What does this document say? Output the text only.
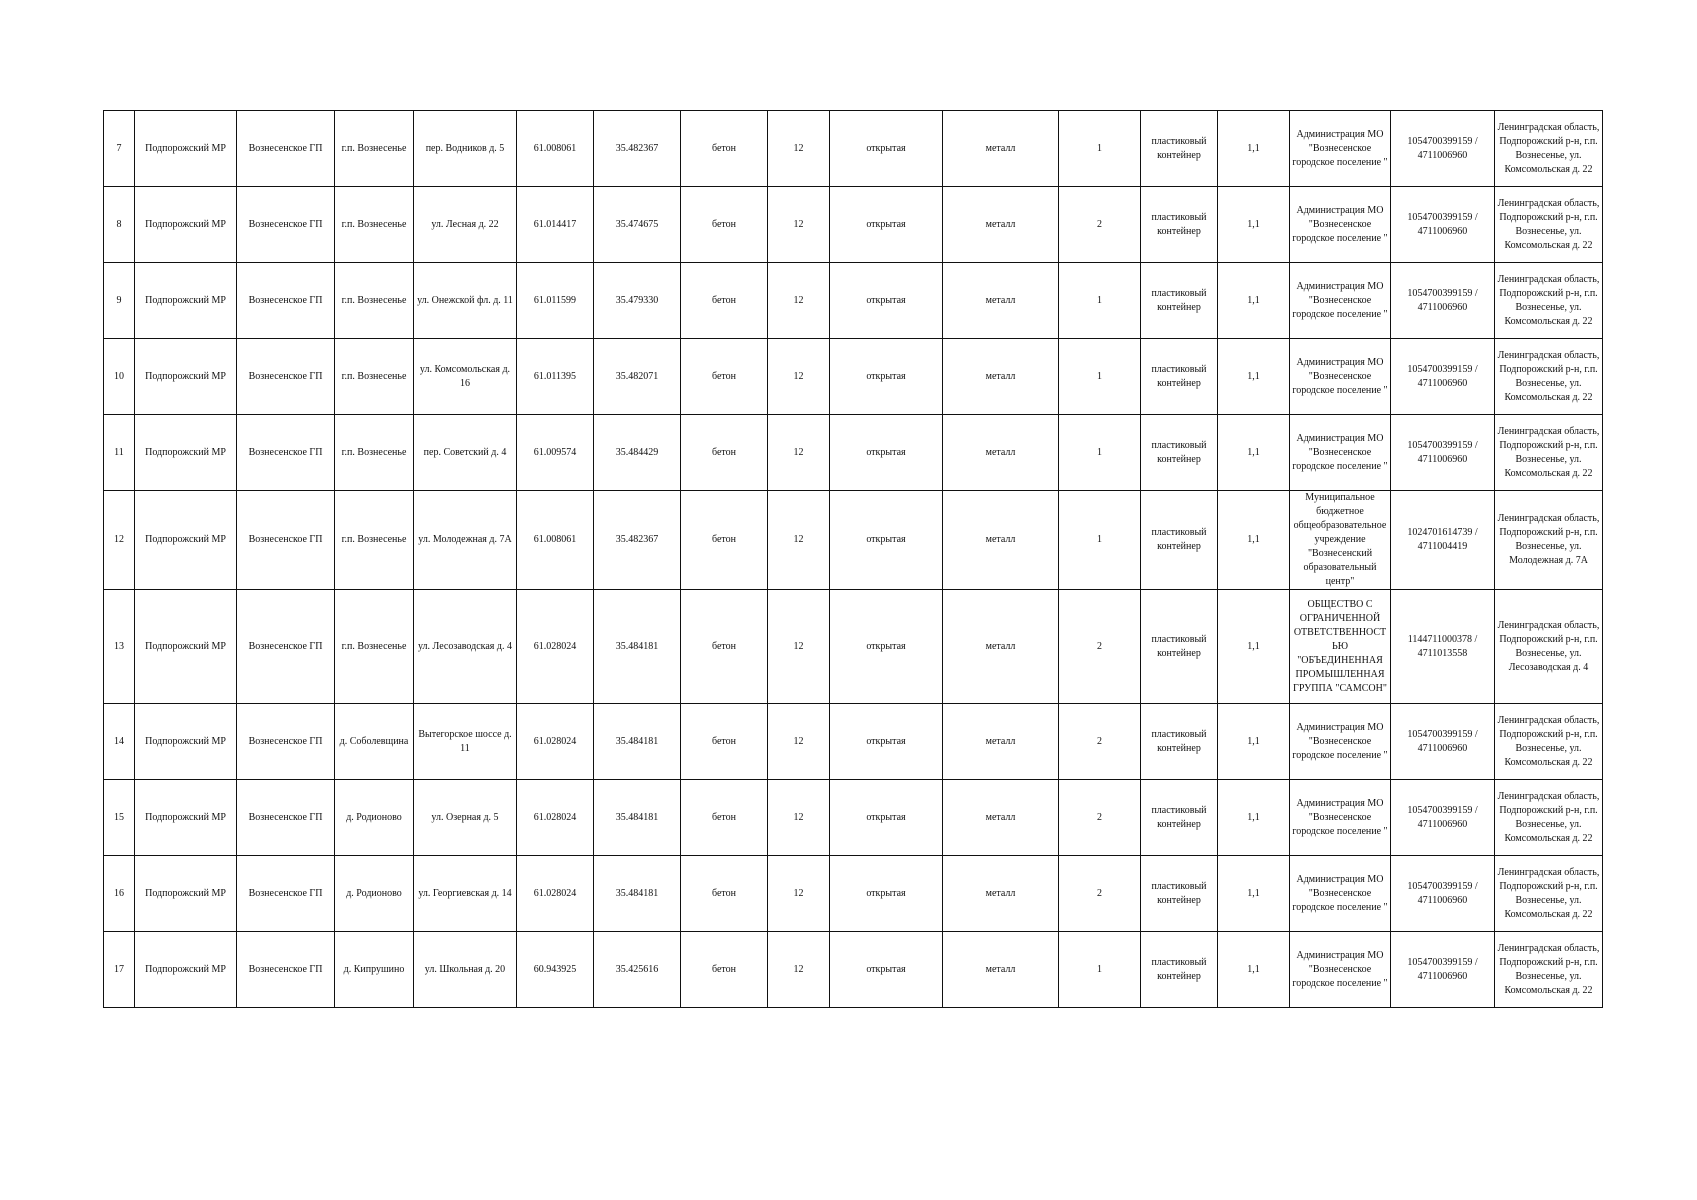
7	Подпорожский МР	Вознесенское ГП	г.п. Вознесенье	пер. Водников д. 5	61.008061	35.482367	бетон	12	открытая	металл	1	пластиковый контейнер	1,1	Администрация МО "Вознесенское городское поселение "	1054700399159 / 4711006960	Ленинградская область, Подпорожский р-н, г.п. Вознесенье, ул. Комсомольская д. 22
8	Подпорожский МР	Вознесенское ГП	г.п. Вознесенье	ул. Лесная д. 22	61.014417	35.474675	бетон	12	открытая	металл	2	пластиковый контейнер	1,1	Администрация МО "Вознесенское городское поселение "	1054700399159 / 4711006960	Ленинградская область, Подпорожский р-н, г.п. Вознесенье, ул. Комсомольская д. 22
9	Подпорожский МР	Вознесенское ГП	г.п. Вознесенье	ул. Онежской фл. д. 11	61.011599	35.479330	бетон	12	открытая	металл	1	пластиковый контейнер	1,1	Администрация МО "Вознесенское городское поселение "	1054700399159 / 4711006960	Ленинградская область, Подпорожский р-н, г.п. Вознесенье, ул. Комсомольская д. 22
10	Подпорожский МР	Вознесенское ГП	г.п. Вознесенье	ул. Комсомольская д. 16	61.011395	35.482071	бетон	12	открытая	металл	1	пластиковый контейнер	1,1	Администрация МО "Вознесенское городское поселение "	1054700399159 / 4711006960	Ленинградская область, Подпорожский р-н, г.п. Вознесенье, ул. Комсомольская д. 22
11	Подпорожский МР	Вознесенское ГП	г.п. Вознесенье	пер. Советский д. 4	61.009574	35.484429	бетон	12	открытая	металл	1	пластиковый контейнер	1,1	Администрация МО "Вознесенское городское поселение "	1054700399159 / 4711006960	Ленинградская область, Подпорожский р-н, г.п. Вознесенье, ул. Комсомольская д. 22
12	Подпорожский МР	Вознесенское ГП	г.п. Вознесенье	ул. Молодежная д. 7А	61.008061	35.482367	бетон	12	открытая	металл	1	пластиковый контейнер	1,1	Муниципальное бюджетное общеобразовательное учреждение "Вознесенский образовательный центр"	1024701614739 / 4711004419	Ленинградская область, Подпорожский р-н, г.п. Вознесенье, ул. Молодежная д. 7А
13	Подпорожский МР	Вознесенское ГП	г.п. Вознесенье	ул. Лесозаводская д. 4	61.028024	35.484181	бетон	12	открытая	металл	2	пластиковый контейнер	1,1	ОБЩЕСТВО С ОГРАНИЧЕННОЙ ОТВЕТСТВЕННОСТЬЮ "ОБЪЕДИНЕННАЯ ПРОМЫШЛЕННАЯ ГРУППА "САМСОН"	1144711000378 / 4711013558	Ленинградская область, Подпорожский р-н, г.п. Вознесенье, ул. Лесозаводская д. 4
14	Подпорожский МР	Вознесенское ГП	д. Соболевщина	Вытегорское шоссе д. 11	61.028024	35.484181	бетон	12	открытая	металл	2	пластиковый контейнер	1,1	Администрация МО "Вознесенское городское поселение "	1054700399159 / 4711006960	Ленинградская область, Подпорожский р-н, г.п. Вознесенье, ул. Комсомольская д. 22
15	Подпорожский МР	Вознесенское ГП	д. Родионово	ул. Озерная д. 5	61.028024	35.484181	бетон	12	открытая	металл	2	пластиковый контейнер	1,1	Администрация МО "Вознесенское городское поселение "	1054700399159 / 4711006960	Ленинградская область, Подпорожский р-н, г.п. Вознесенье, ул. Комсомольская д. 22
16	Подпорожский МР	Вознесенское ГП	д. Родионово	ул. Георгиевская д. 14	61.028024	35.484181	бетон	12	открытая	металл	2	пластиковый контейнер	1,1	Администрация МО "Вознесенское городское поселение "	1054700399159 / 4711006960	Ленинградская область, Подпорожский р-н, г.п. Вознесенье, ул. Комсомольская д. 22
17	Подпорожский МР	Вознесенское ГП	д. Кипрушино	ул. Школьная д. 20	60.943925	35.425616	бетон	12	открытая	металл	1	пластиковый контейнер	1,1	Администрация МО "Вознесенское городское поселение "	1054700399159 / 4711006960	Ленинградская область, Подпорожский р-н, г.п. Вознесенье, ул. Комсомольская д. 22
